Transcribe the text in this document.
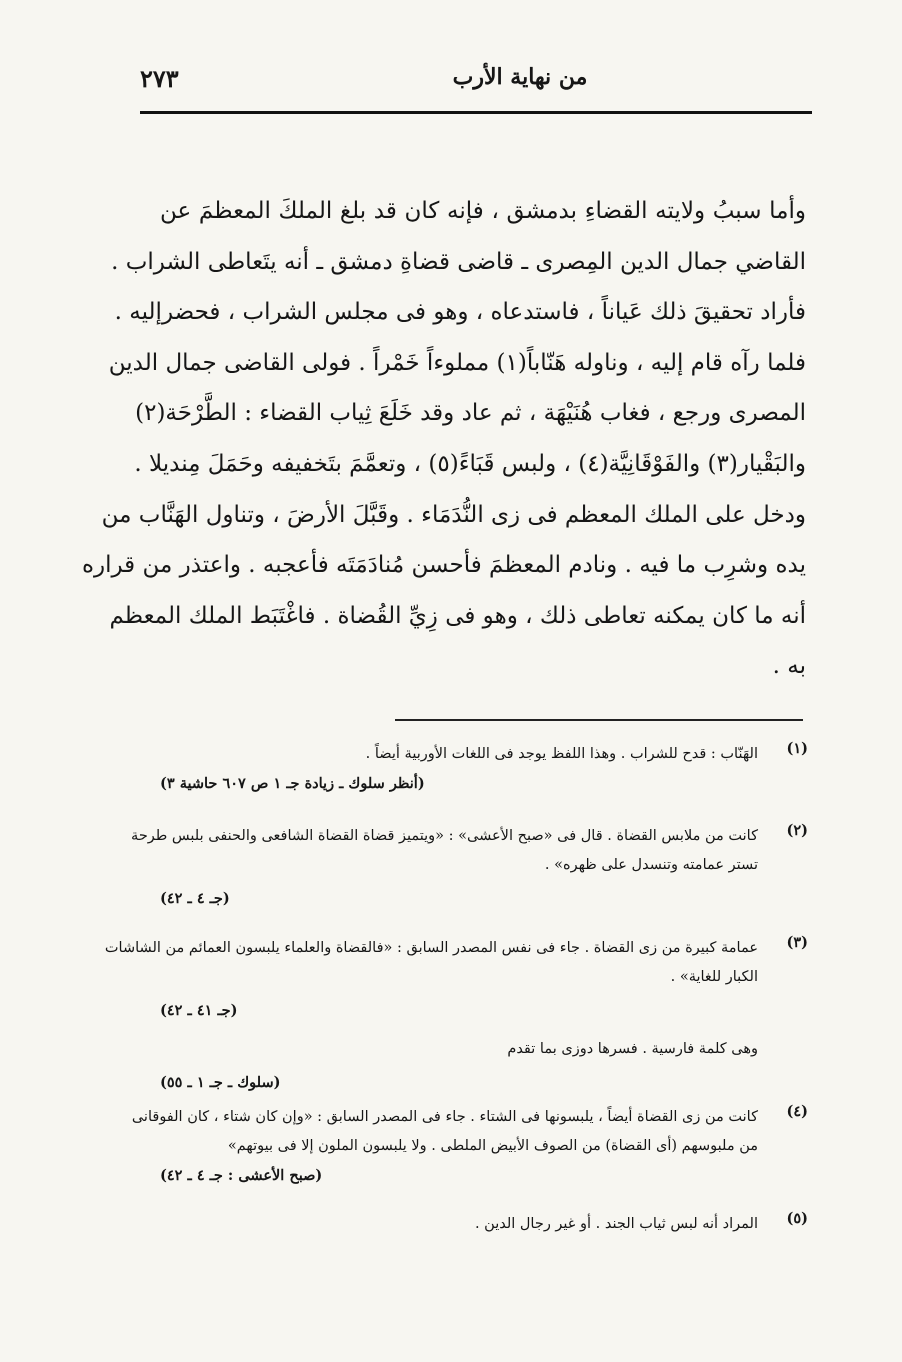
٢٧٣	من نهاية الأرب
وأما سببُ ولايته القضاءِ بدمشق ، فإنه كان قد بلغ الملكَ المعظمَ عن
القاضي جمال الدين المِصرى ـ قاضى قضاةِ دمشق ـ أنه يتَعاطى الشراب .
فأراد تحقيقَ ذلك عَياناً ، فاستدعاه ، وهو فى مجلس الشراب ، فحضرإليه .
فلما رآه قام إليه ، وناوله هَنّاباً(١) مملوءاً خَمْراً . فولى القاضى جمال الدين
المصرى ورجع ، فغاب هُنَيْهَة ، ثم عاد وقد خَلَعَ ثِياب القضاء : الطَّرْحَة(٢)
والبَقْيار(٣) والفَوْقَانِيَّة(٤) ، ولبس قَبَاءً(٥) ، وتعمَّمَ بتَخفيفه وحَمَلَ مِنديلا .
ودخل على الملك المعظم فى زى النُّدَمَاء . وقَبَّلَ الأرضَ ، وتناول الهَنَّاب من
يده وشرِب ما فيه . ونادم المعظمَ فأحسن مُنادَمَتَه فأعجبه . واعتذر من قراره
أنه ما كان يمكنه تعاطى ذلك ، وهو فى زِيِّ القُضاة . فاغْتَبَط الملك المعظم
به .
(١)
الهَنّاب : قدح للشراب . وهذا اللفظ يوجد فى اللغات الأوربية أيضاً .
(أنظر سلوك ـ زيادة جـ ١ ص ٦٠٧ حاشية ٣)
(٢)
كانت من ملابس القضاة . قال فى «صبح الأعشى» : «ويتميز قضاة القضاة الشافعى والحنفى بلبس طرحة
تستر عمامته وتنسدل على ظهره» .
(جـ ٤ ـ ٤٢)
(٣)
عمامة كبيرة من زى القضاة . جاء فى نفس المصدر السابق : «فالقضاة والعلماء يلبسون العمائم من الشاشات
الكبار للغاية» .
(جـ ٤١ ـ ٤٢)
وهى كلمة فارسية . فسرها دوزى بما تقدم
(سلوك ـ جـ ١ ـ ٥٥)
(٤)
كانت من زى القضاة أيضاً ، يلبسونها فى الشتاء . جاء فى المصدر السابق : «وإن كان شتاء ، كان الفوقانى
من ملبوسهم (أى القضاة) من الصوف الأبيض الملطى . ولا يلبسون الملون إلا فى بيوتهم»
(صبح الأعشى : جـ ٤ ـ ٤٢)
(٥)
المراد أنه لبس ثياب الجند . أو غير رجال الدين .
